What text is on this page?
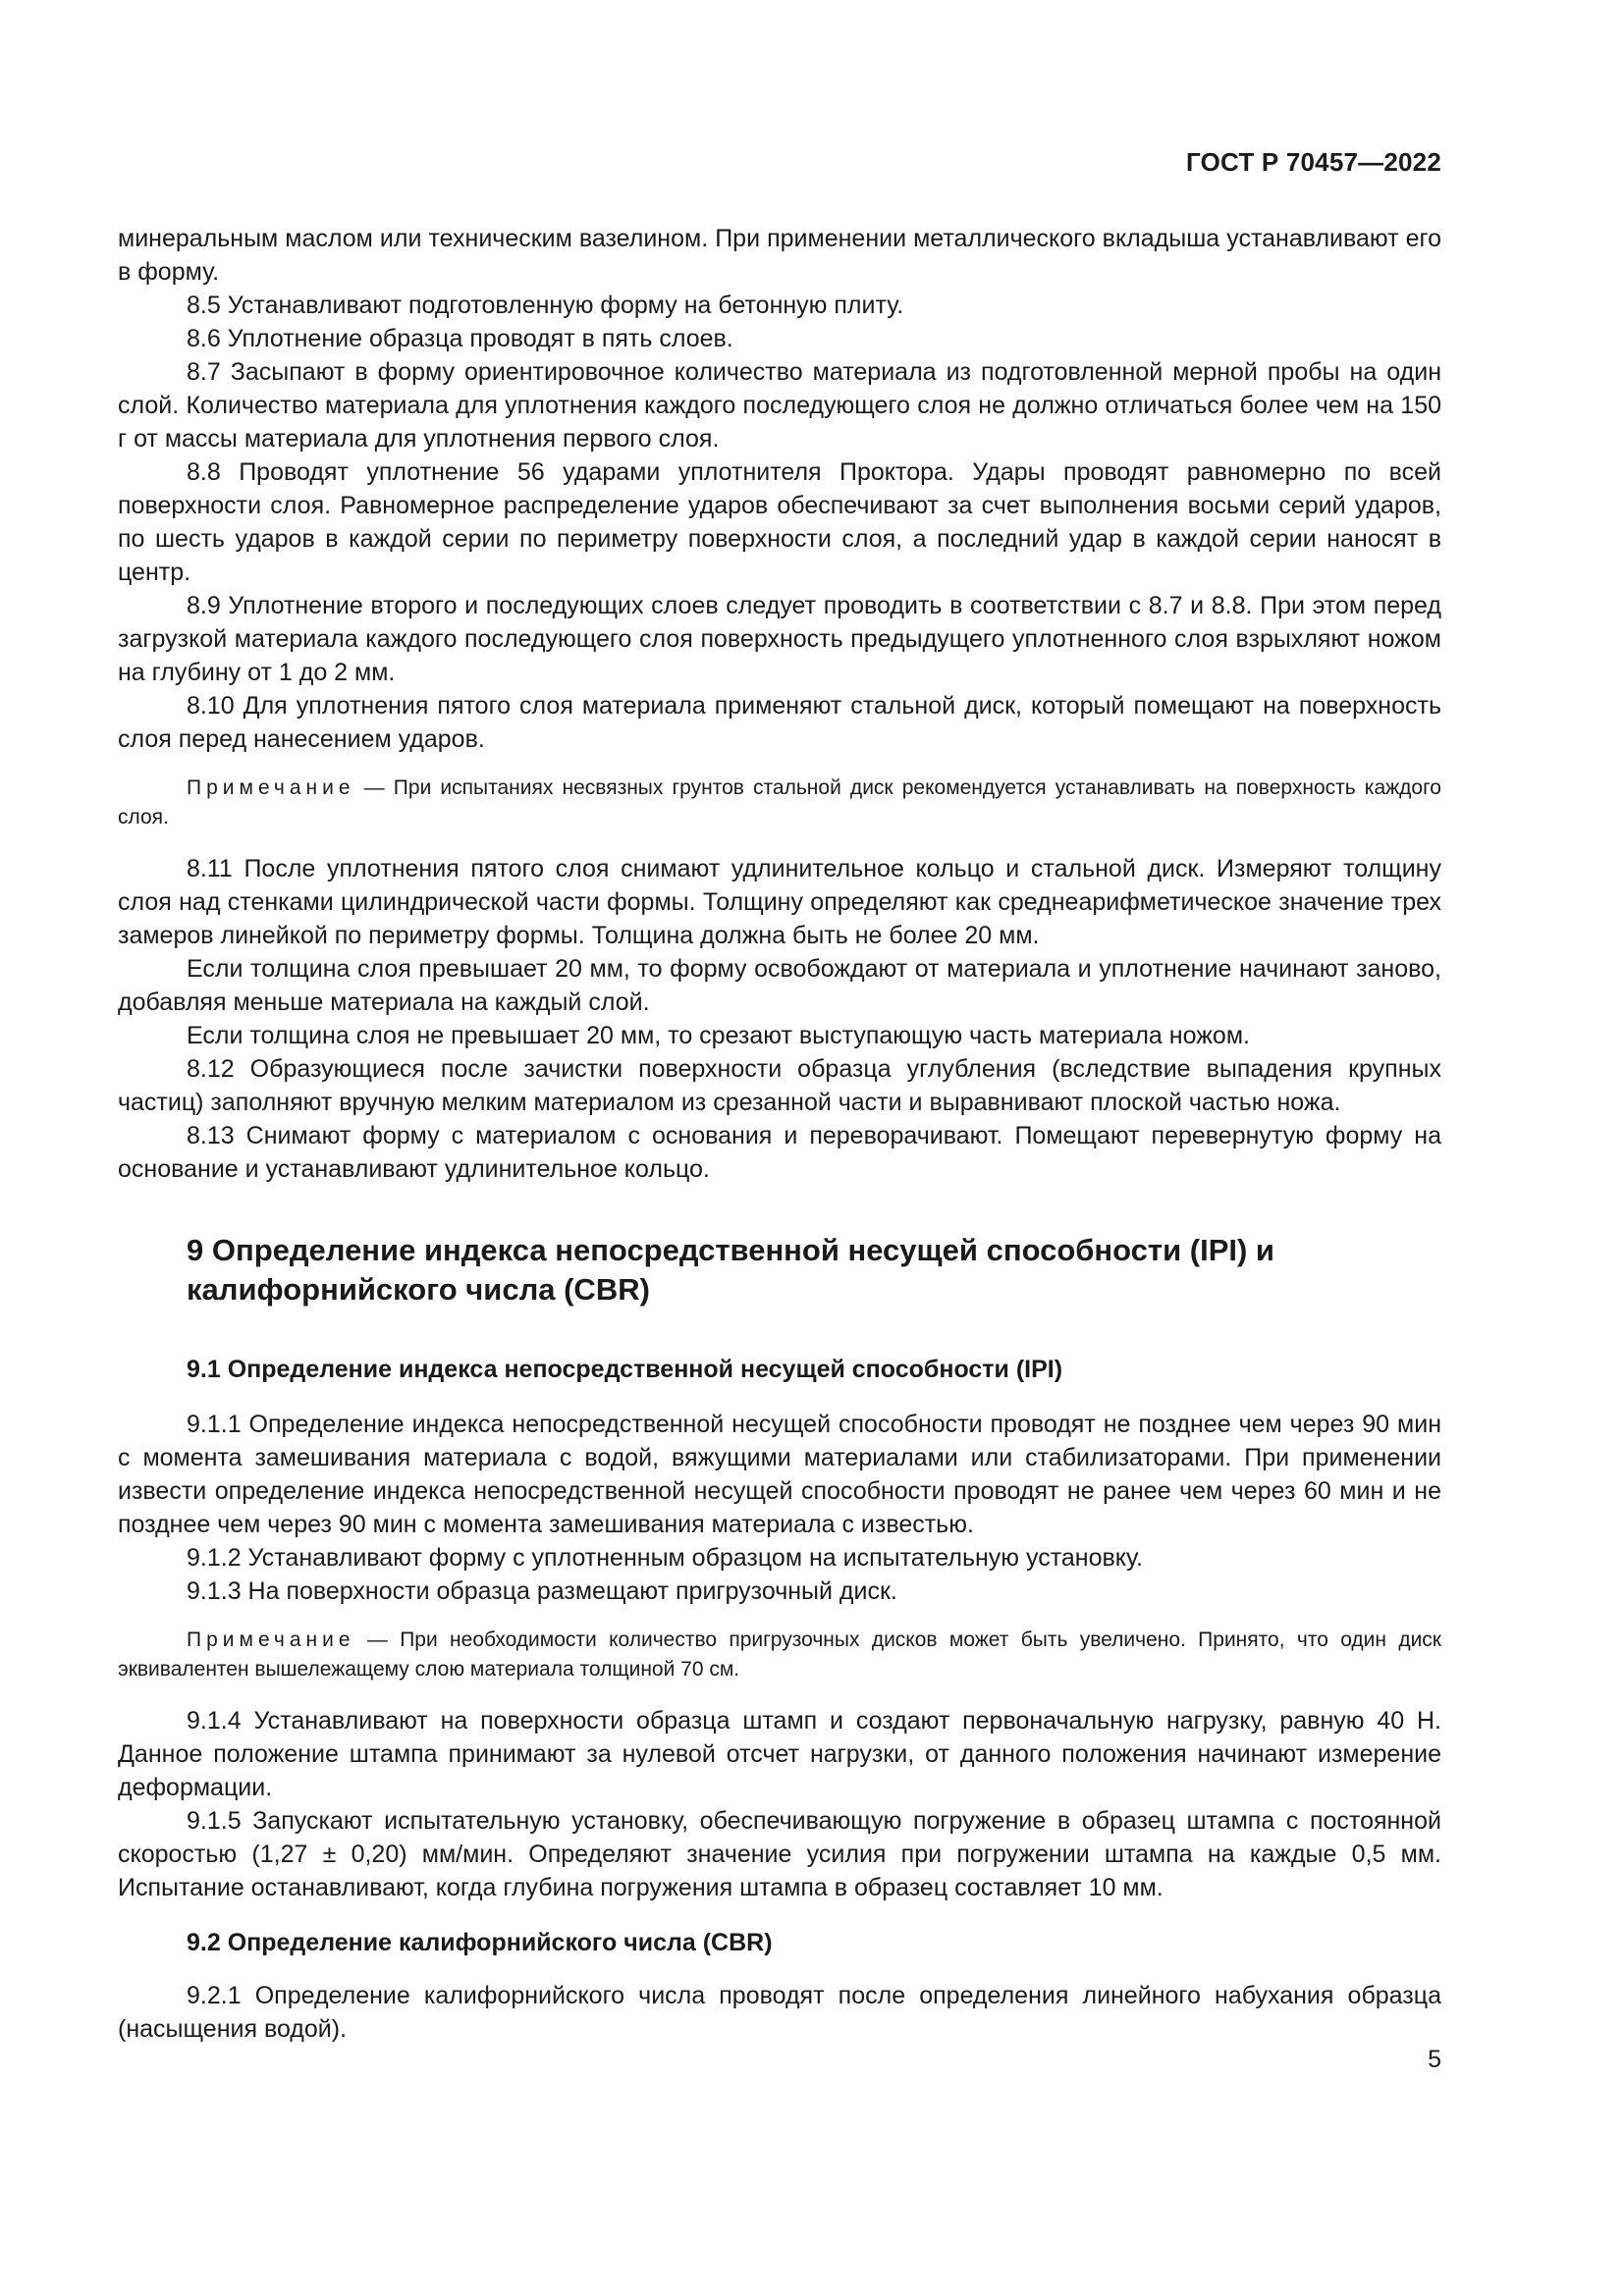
ГОСТ Р 70457—2022

минеральным маслом или техническим вазелином. При применении металлического вкладыша устанавливают его в форму.

8.5 Устанавливают подготовленную форму на бетонную плиту.

8.6 Уплотнение образца проводят в пять слоев.

8.7 Засыпают в форму ориентировочное количество материала из подготовленной мерной пробы на один слой. Количество материала для уплотнения каждого последующего слоя не должно отличаться более чем на 150 г от массы материала для уплотнения первого слоя.

8.8 Проводят уплотнение 56 ударами уплотнителя Проктора. Удары проводят равномерно по всей поверхности слоя. Равномерное распределение ударов обеспечивают за счет выполнения восьми серий ударов, по шесть ударов в каждой серии по периметру поверхности слоя, а последний удар в каждой серии наносят в центр.

8.9 Уплотнение второго и последующих слоев следует проводить в соответствии с 8.7 и 8.8. При этом перед загрузкой материала каждого последующего слоя поверхность предыдущего уплотненного слоя взрыхляют ножом на глубину от 1 до 2 мм.

8.10 Для уплотнения пятого слоя материала применяют стальной диск, который помещают на поверхность слоя перед нанесением ударов.

Примечание — При испытаниях несвязных грунтов стальной диск рекомендуется устанавливать на поверхность каждого слоя.

8.11 После уплотнения пятого слоя снимают удлинительное кольцо и стальной диск. Измеряют толщину слоя над стенками цилиндрической части формы. Толщину определяют как среднеарифметическое значение трех замеров линейкой по периметру формы. Толщина должна быть не более 20 мм.

Если толщина слоя превышает 20 мм, то форму освобождают от материала и уплотнение начинают заново, добавляя меньше материала на каждый слой.

Если толщина слоя не превышает 20 мм, то срезают выступающую часть материала ножом.

8.12 Образующиеся после зачистки поверхности образца углубления (вследствие выпадения крупных частиц) заполняют вручную мелким материалом из срезанной части и выравнивают плоской частью ножа.

8.13 Снимают форму с материалом с основания и переворачивают. Помещают перевернутую форму на основание и устанавливают удлинительное кольцо.

9 Определение индекса непосредственной несущей способности (IPI) и калифорнийского числа (CBR)

9.1 Определение индекса непосредственной несущей способности (IPI)

9.1.1 Определение индекса непосредственной несущей способности проводят не позднее чем через 90 мин с момента замешивания материала с водой, вяжущими материалами или стабилизаторами. При применении извести определение индекса непосредственной несущей способности проводят не ранее чем через 60 мин и не позднее чем через 90 мин с момента замешивания материала с известью.

9.1.2 Устанавливают форму с уплотненным образцом на испытательную установку.

9.1.3 На поверхности образца размещают пригрузочный диск.

Примечание — При необходимости количество пригрузочных дисков может быть увеличено. Принято, что один диск эквивалентен вышележащему слою материала толщиной 70 см.

9.1.4 Устанавливают на поверхности образца штамп и создают первоначальную нагрузку, равную 40 Н. Данное положение штампа принимают за нулевой отсчет нагрузки, от данного положения начинают измерение деформации.

9.1.5 Запускают испытательную установку, обеспечивающую погружение в образец штампа с постоянной скоростью (1,27 ± 0,20) мм/мин. Определяют значение усилия при погружении штампа на каждые 0,5 мм. Испытание останавливают, когда глубина погружения штампа в образец составляет 10 мм.

9.2 Определение калифорнийского числа (CBR)

9.2.1 Определение калифорнийского числа проводят после определения линейного набухания образца (насыщения водой).

5
